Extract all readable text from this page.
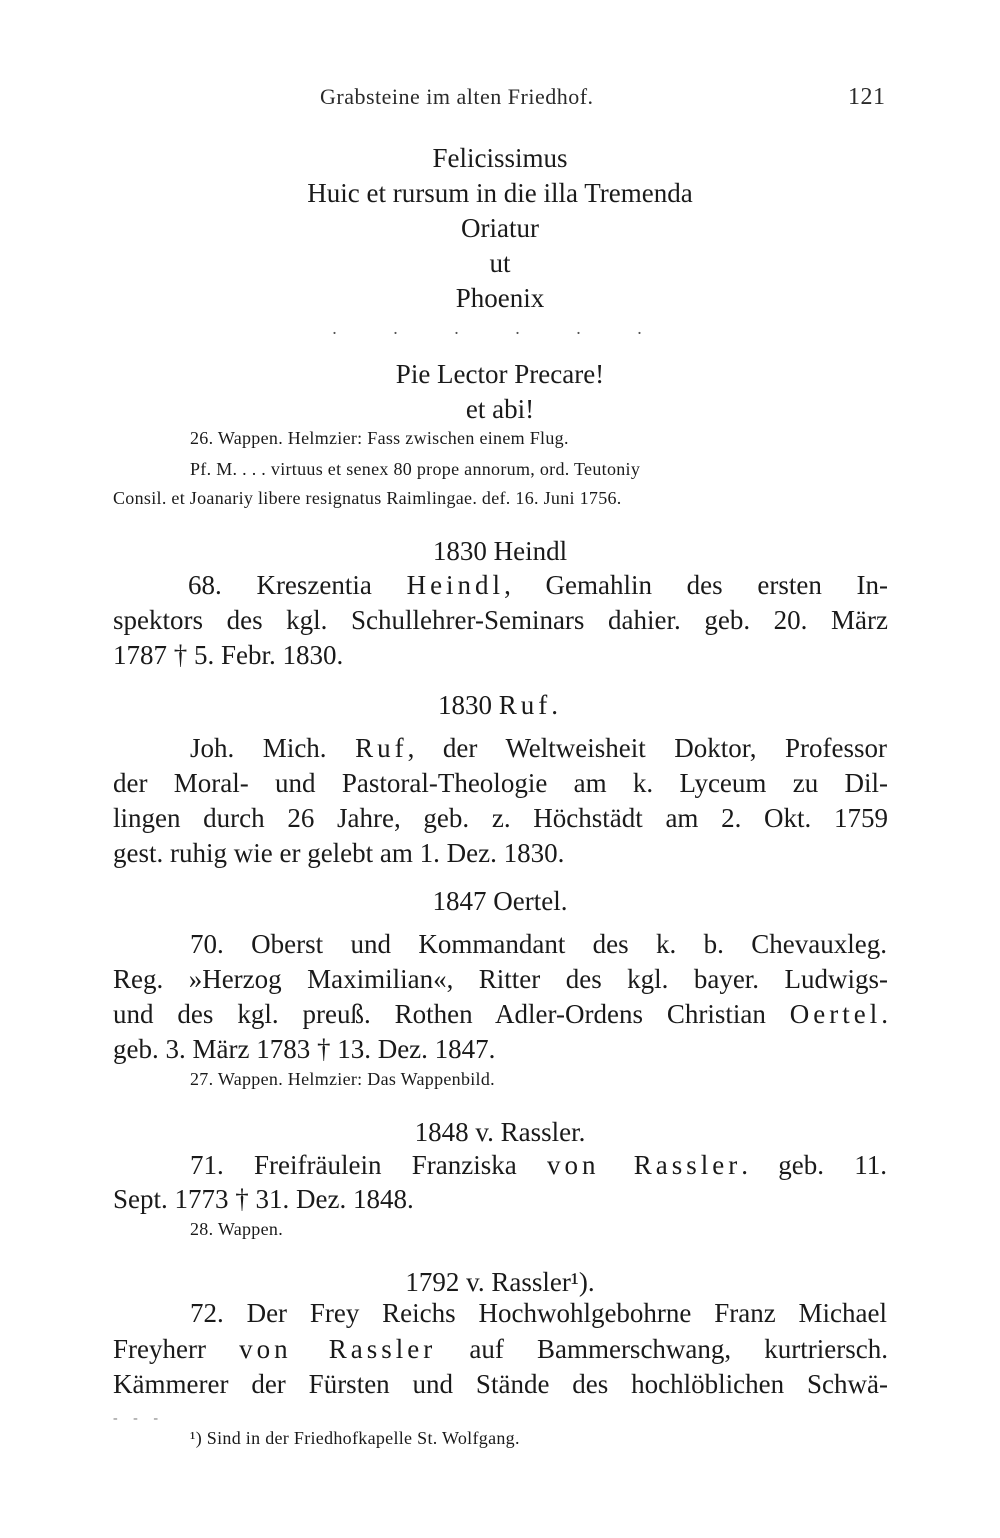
Grabsteine im alten Friedhof.	121
Felicissimus
Huic et rursum in die illa Tremenda
Oriatur
ut
Phoenix
. . . . . .
Pie Lector Precare!
et abi!
26. Wappen. Helmzier: Fass zwischen einem Flug.
Pf. M. . . . virtuus et senex 80 prope annorum, ord. Teutoniy
Consil. et Joanariy libere resignatus Raimlingae. def. 16. Juni 1756.
1830 Heindl
68. Kreszentia Heindl, Gemahlin des ersten In-
spektors des kgl. Schullehrer-Seminars dahier. geb. 20. März
1787 † 5. Febr. 1830.
1830 Ruf.
Joh. Mich. Ruf, der Weltweisheit Doktor, Professor
der Moral- und Pastoral-Theologie am k. Lyceum zu Dil-
lingen durch 26 Jahre, geb. z. Höchstädt am 2. Okt. 1759
gest. ruhig wie er gelebt am 1. Dez. 1830.
1847 Oertel.
70. Oberst und Kommandant des k. b. Chevauxleg.
Reg. »Herzog Maximilian«, Ritter des kgl. bayer. Ludwigs-
und des kgl. preuß. Rothen Adler-Ordens Christian Oertel.
geb. 3. März 1783 † 13. Dez. 1847.
27. Wappen. Helmzier: Das Wappenbild.
1848 v. Rassler.
71. Freifräulein Franziska von Rassler. geb. 11.
Sept. 1773 † 31. Dez. 1848.
28. Wappen.
1792 v. Rassler¹).
72. Der Frey Reichs Hochwohlgebohrne Franz Michael
Freyherr von Rassler auf Bammerschwang, kurtriersch.
Kämmerer der Fürsten und Stände des hochlöblichen Schwä-
- - -
¹) Sind in der Friedhofkapelle St. Wolfgang.
